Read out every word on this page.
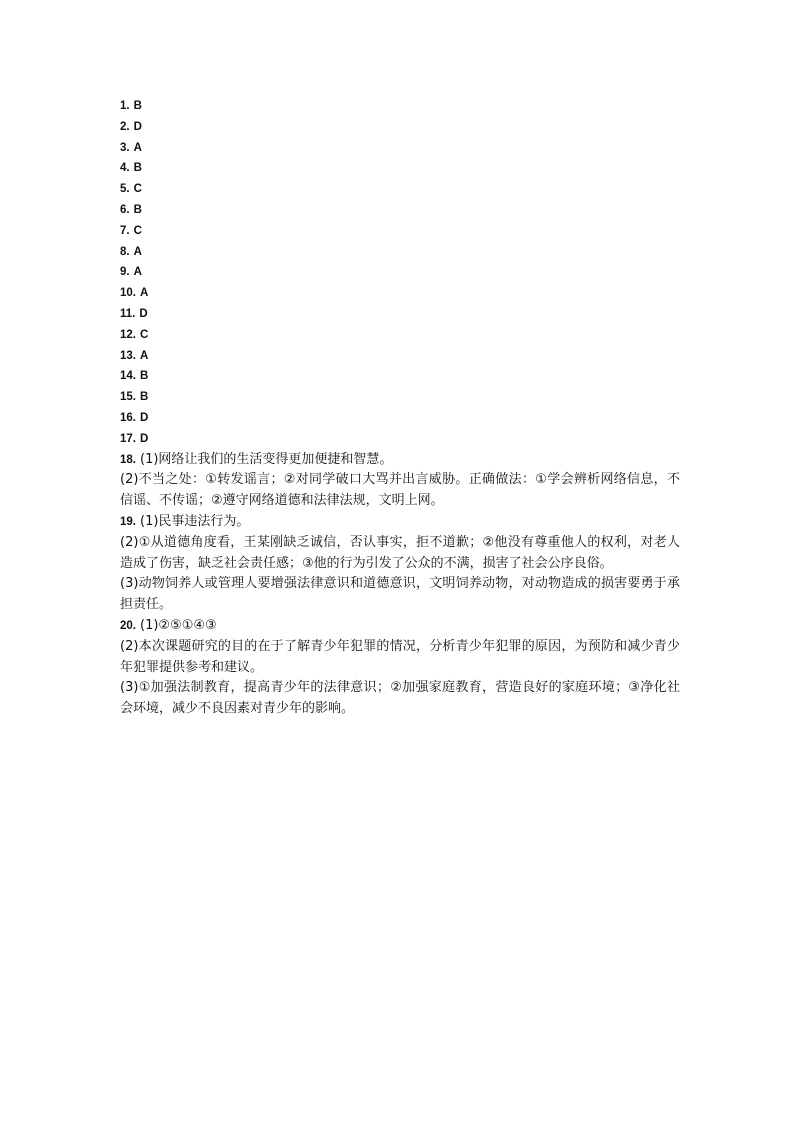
1. B
2. D
3. A
4. B
5. C
6. B
7. C
8. A
9. A
10. A
11. D
12. C
13. A
14. B
15. B
16. D
17. D

18. (1)网络让我们的生活变得更加便捷和智慧。

(2)不当之处：①转发谣言；②对同学破口大骂并出言威胁。正确做法：①学会辨析网络信息，不信谣、不传谣；②遵守网络道德和法律法规，文明上网。

19. (1)民事违法行为。

(2)①从道德角度看，王某刚缺乏诚信，否认事实，拒不道歉；②他没有尊重他人的权利，对老人造成了伤害，缺乏社会责任感；③他的行为引发了公众的不满，损害了社会公序良俗。

(3)动物饲养人或管理人要增强法律意识和道德意识，文明饲养动物，对动物造成的损害要勇于承担责任。

20. (1)②⑤①④③

(2)本次课题研究的目的在于了解青少年犯罪的情况，分析青少年犯罪的原因，为预防和减少青少年犯罪提供参考和建议。

(3)①加强法制教育，提高青少年的法律意识；②加强家庭教育，营造良好的家庭环境；③净化社会环境，减少不良因素对青少年的影响。
